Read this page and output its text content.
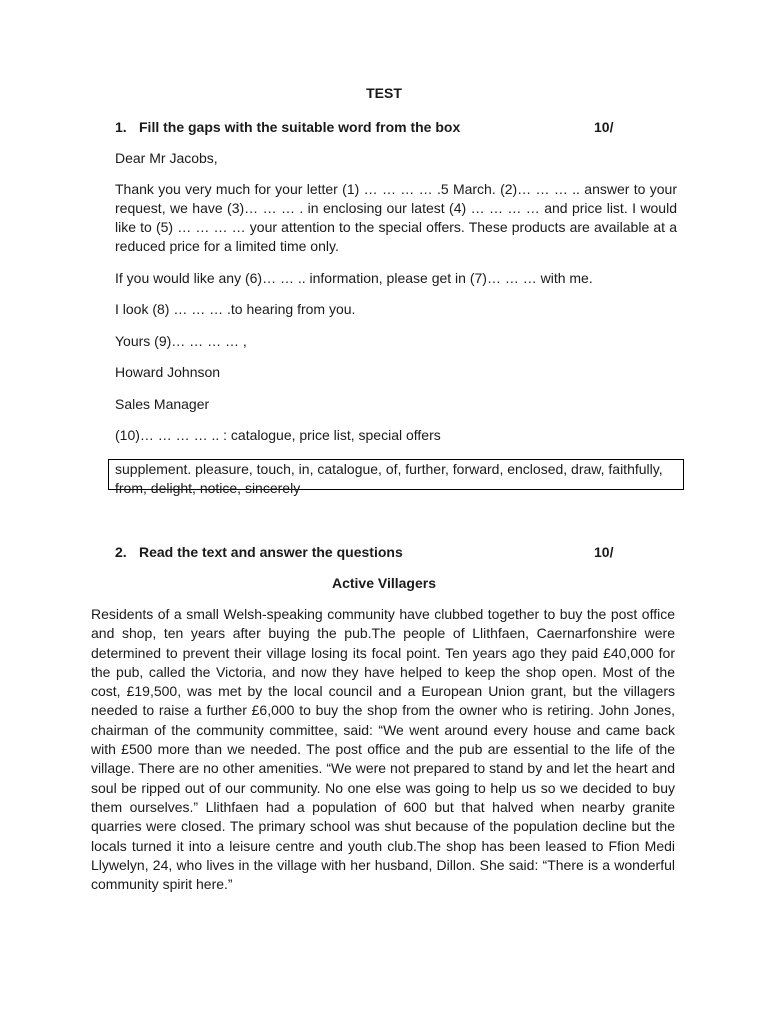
TEST
1. Fill the gaps with the suitable word from the box	10/
Dear Mr Jacobs,
Thank you very much for your letter (1) … … … … .5 March. (2)… … … .. answer to your request, we have (3)… … … . in enclosing our latest (4) … … … … and price list. I would like to (5) … … … … your attention to the special offers. These products are available at a reduced price for a limited time only.
If you would like any (6)… … .. information, please get in (7)… … … with me.
I look (8) … … … .to hearing from you.
Yours (9)… … … … ,
Howard Johnson
Sales Manager
(10)… … … … .. : catalogue, price list, special offers
supplement. pleasure, touch, in, catalogue, of, further, forward, enclosed, draw, faithfully, from, delight, notice, sincerely
2. Read the text and answer the questions	10/
Active Villagers
Residents of a small Welsh-speaking community have clubbed together to buy the post office and shop, ten years after buying the pub.The people of Llithfaen, Caernarfonshire were determined to prevent their village losing its focal point. Ten years ago they paid £40,000 for the pub, called the Victoria, and now they have helped to keep the shop open. Most of the cost, £19,500, was met by the local council and a European Union grant, but the villagers needed to raise a further £6,000 to buy the shop from the owner who is retiring. John Jones, chairman of the community committee, said: “We went around every house and came back with £500 more than we needed. The post office and the pub are essential to the life of the village. There are no other amenities. “We were not prepared to stand by and let the heart and soul be ripped out of our community. No one else was going to help us so we decided to buy them ourselves.” Llithfaen had a population of 600 but that halved when nearby granite quarries were closed. The primary school was shut because of the population decline but the locals turned it into a leisure centre and youth club.The shop has been leased to Ffion Medi Llywelyn, 24, who lives in the village with her husband, Dillon. She said: “There is a wonderful community spirit here.”
